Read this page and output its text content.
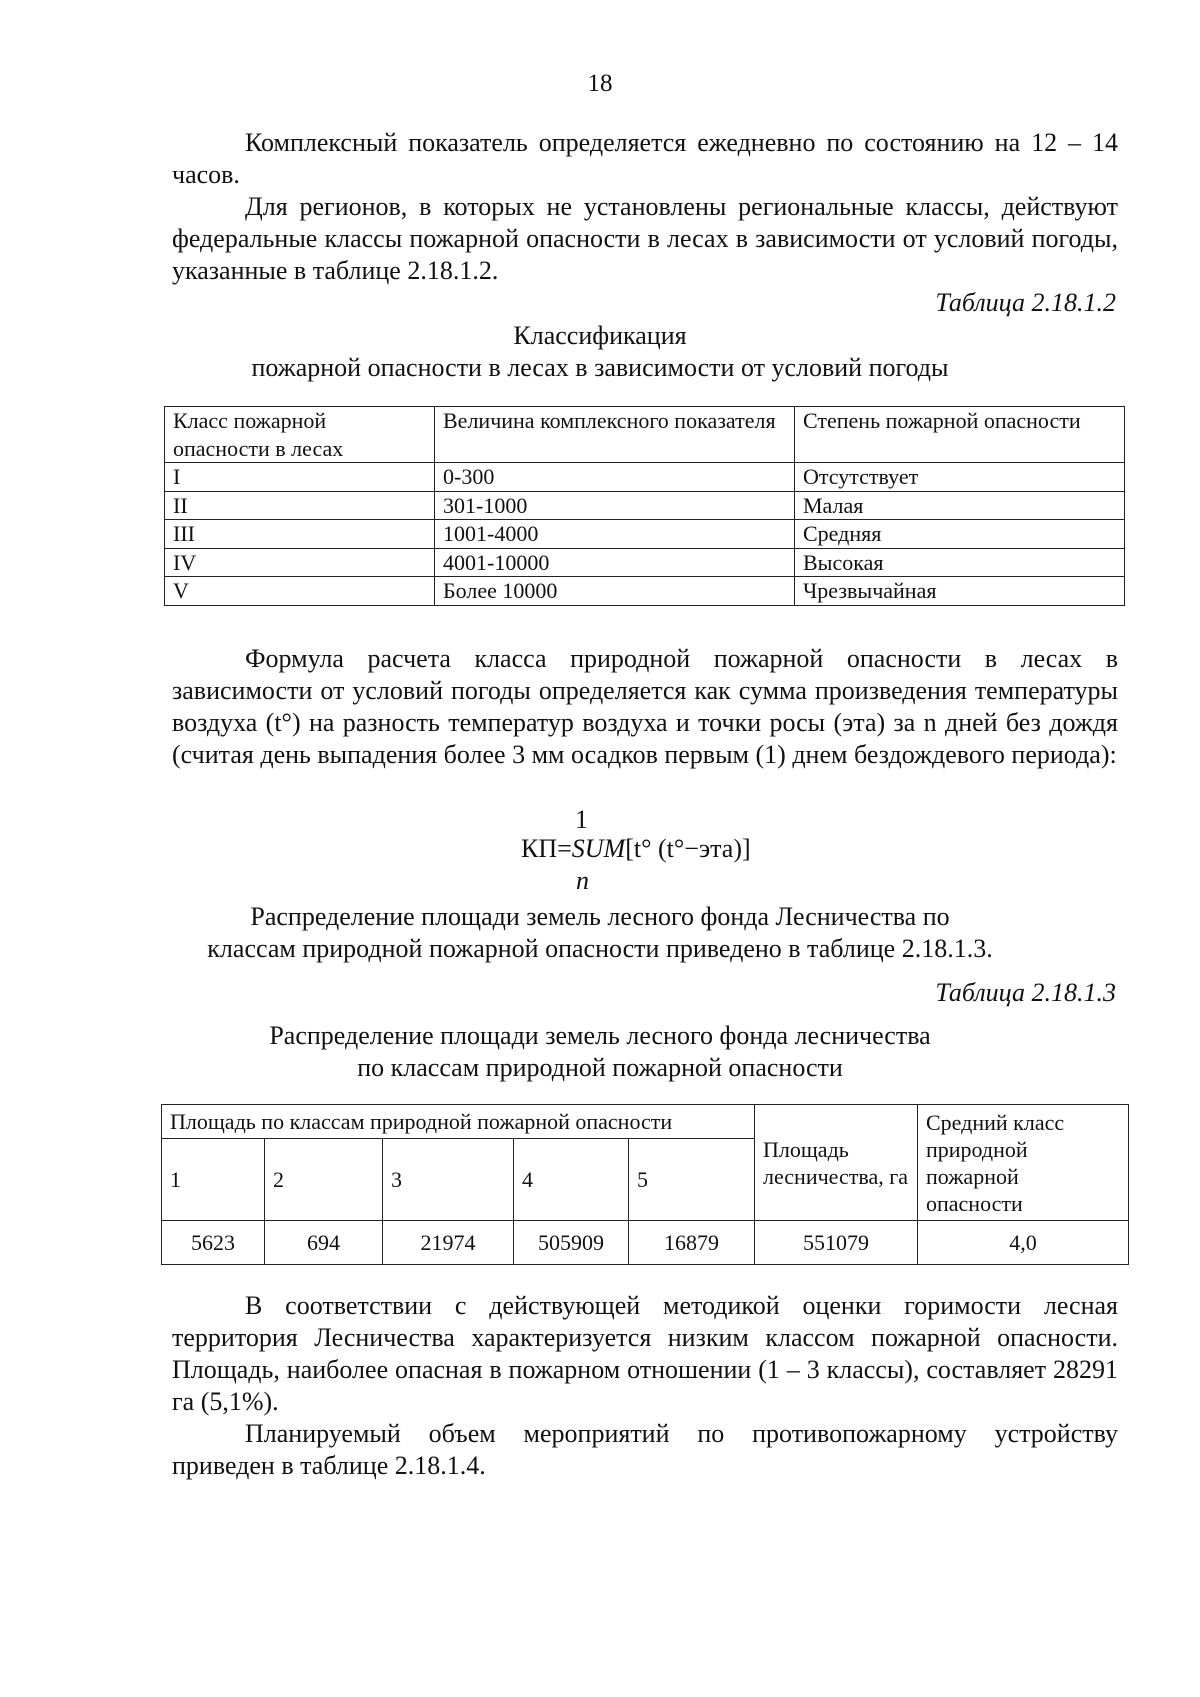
18

Комплексный показатель определяется ежедневно по состоянию на 12 – 14 часов.

Для регионов, в которых не установлены региональные классы, действуют федеральные классы пожарной опасности в лесах в зависимости от условий погоды, указанные в таблице 2.18.1.2.

Таблица 2.18.1.2
Классификация
пожарной опасности в лесах в зависимости от условий погоды
Класс пожарной опасности в лесах	Величина комплексного показателя	Степень пожарной опасности
I	0-300	Отсутствует
II	301-1000	Малая
III	1001-4000	Средняя
IV	4001-10000	Высокая
V	Более 10000	Чрезвычайная

Формула расчета класса природной пожарной опасности в лесах в зависимости от условий погоды определяется как сумма произведения температуры воздуха (t°) на разность температур воздуха и точки росы (эта) за n дней без дождя (считая день выпадения более 3 мм осадков первым (1) днем бездождевого периода):

1
КП=SUM[t° (t°−эта)]
n
Распределение площади земель лесного фонда Лесничества по
классам природной пожарной опасности приведено в таблице 2.18.1.3.
Таблица 2.18.1.3
Распределение площади земель лесного фонда лесничества
по классам природной пожарной опасности
Площадь по классам природной пожарной опасности					Площадь лесничества, га	Средний класс природной пожарной опасности
1	2	3	4	5		
5623	694	21974	505909	16879	551079	4,0

В соответствии с действующей методикой оценки горимости лесная территория Лесничества характеризуется низким классом пожарной опасности. Площадь, наиболее опасная в пожарном отношении (1 – 3 классы), составляет 28291 га (5,1%).

Планируемый объем мероприятий по противопожарному устройству приведен в таблице 2.18.1.4.
